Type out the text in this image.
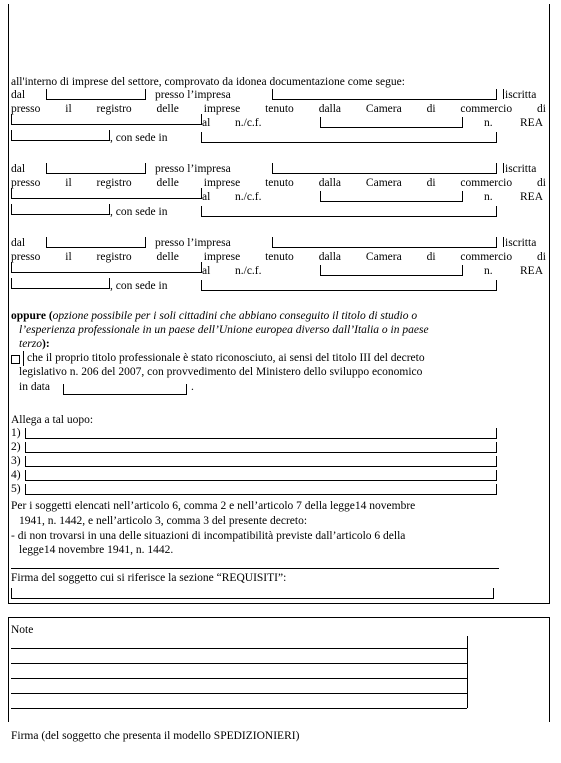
all'interno di imprese del settore, comprovato da idonea documentazione come segue:
dal	presso l’impresa	iscritta
presso il registro delle imprese tenuto dalla Camera di commercio di
al n./c.f.	n. REA
, con sede in
dal	presso l’impresa	iscritta
presso il registro delle imprese tenuto dalla Camera di commercio di
al n./c.f.	n. REA
, con sede in
dal	presso l’impresa	iscritta
presso il registro delle imprese tenuto dalla Camera di commercio di
al n./c.f.	n. REA
, con sede in
oppure (opzione possibile per i soli cittadini che abbiano conseguito il titolo di studio o
l’esperienza professionale in un paese dell’Unione europea diverso dall’Italia o in paese
terzo):
che il proprio titolo professionale è stato riconosciuto, ai sensi del titolo III del decreto
legislativo n. 206 del 2007, con provvedimento del Ministero dello sviluppo economico
in data	.
Allega a tal uopo:
1)
2)
3)
4)
5)
Per i soggetti elencati nell’articolo 6, comma 2 e nell’articolo 7 della legge14 novembre
1941, n. 1442, e nell’articolo 3, comma 3 del presente decreto:
- di non trovarsi in una delle situazioni di incompatibilità previste dall’articolo 6 della
legge14 novembre 1941, n. 1442.
Firma del soggetto cui si riferisce la sezione “REQUISITI”:
Note
Firma (del soggetto che presenta il modello SPEDIZIONIERI)
